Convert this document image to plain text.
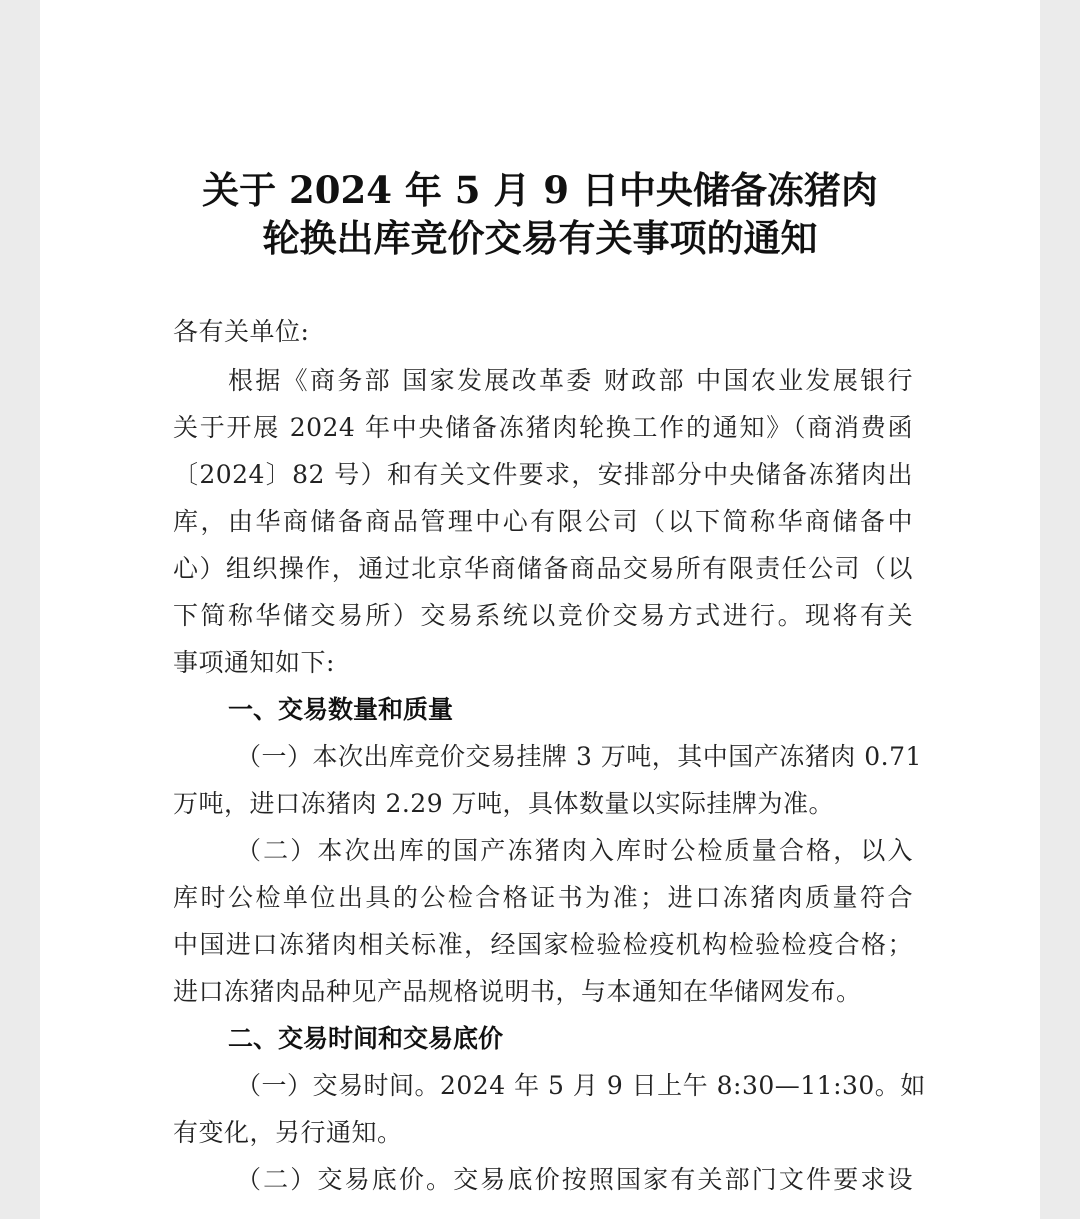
关于 2024 年 5 月 9 日中央储备冻猪肉
轮换出库竞价交易有关事项的通知
各有关单位:
根据《商务部 国家发展改革委 财政部 中国农业发展银行
关于开展 2024 年中央储备冻猪肉轮换工作的通知》（商消费函
〔2024〕82 号）和有关文件要求，安排部分中央储备冻猪肉出
库，由华商储备商品管理中心有限公司（以下简称华商储备中
心）组织操作，通过北京华商储备商品交易所有限责任公司（以
下简称华储交易所）交易系统以竞价交易方式进行。现将有关
事项通知如下:
一、交易数量和质量
（一）本次出库竞价交易挂牌 3 万吨，其中国产冻猪肉 0.71
万吨，进口冻猪肉 2.29 万吨，具体数量以实际挂牌为准。
（二）本次出库的国产冻猪肉入库时公检质量合格，以入
库时公检单位出具的公检合格证书为准；进口冻猪肉质量符合
中国进口冻猪肉相关标准，经国家检验检疫机构检验检疫合格；
进口冻猪肉品种见产品规格说明书，与本通知在华储网发布。
二、交易时间和交易底价
（一）交易时间。2024 年 5 月 9 日上午 8:30—11:30。如
有变化，另行通知。
（二）交易底价。交易底价按照国家有关部门文件要求设
